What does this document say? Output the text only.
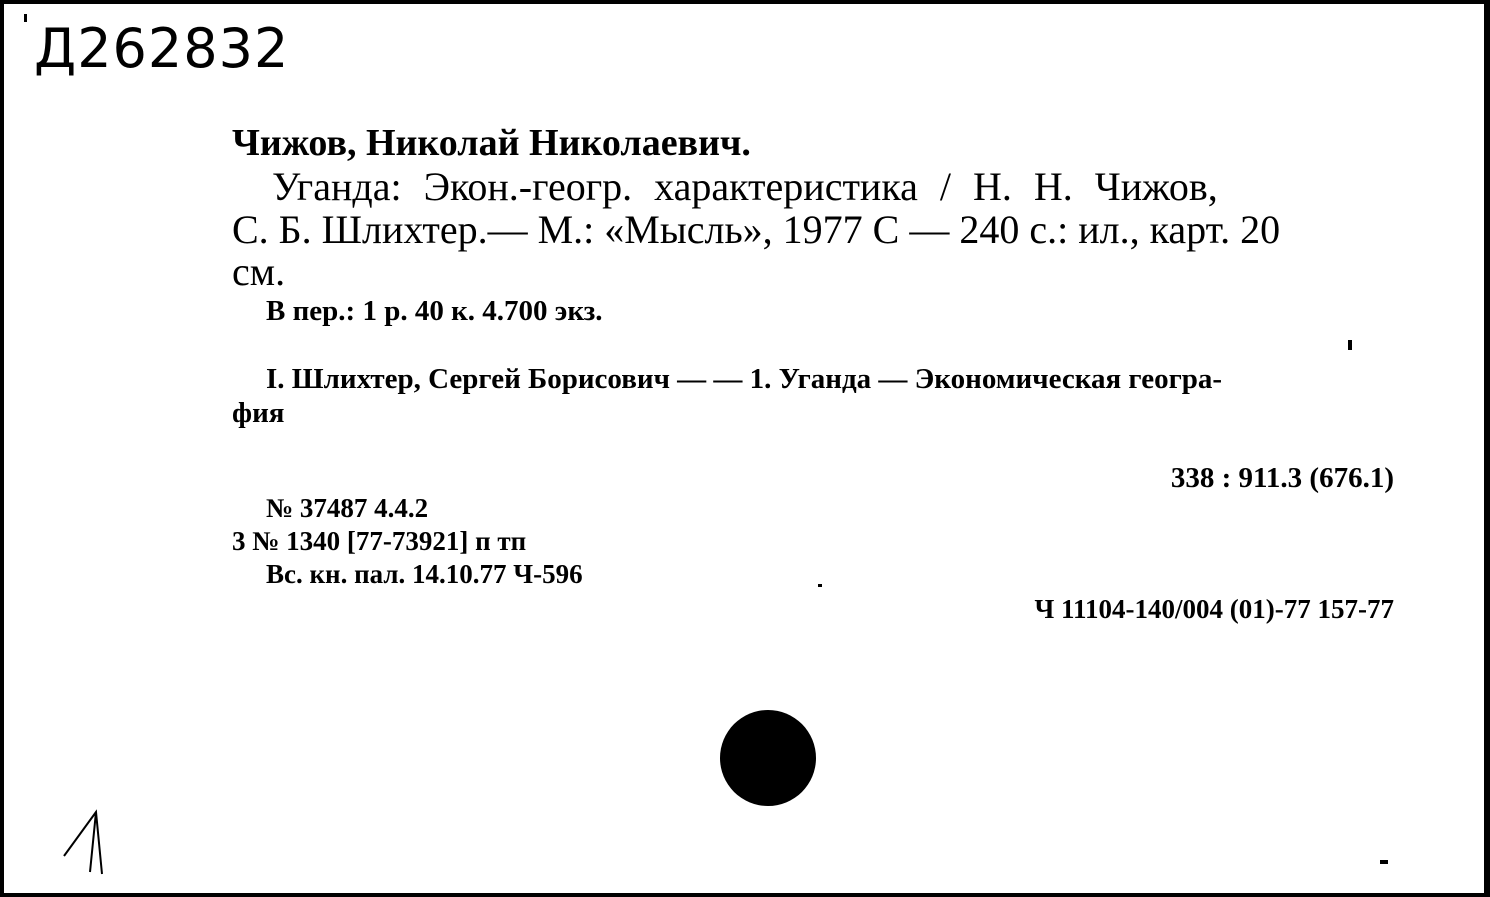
Д262832
Чижов, Николай Николаевич.
Уганда: Экон.-геогр. характеристика / Н. Н. Чижов,
С. Б. Шлихтер.— М.: «Мысль», 1977 С — 240 с.: ил., карт. 20
см.
В пер.: 1 р. 40 к. 4.700 экз.
I. Шлихтер, Сергей Борисович — — 1. Уганда — Экономическая геогра-
фия
338 : 911.3 (676.1)
№ 37487 4.4.2
3 № 1340 [77-73921] п тп
Вс. кн. пал. 14.10.77 Ч-596
Ч 11104-140/004 (01)-77 157-77
